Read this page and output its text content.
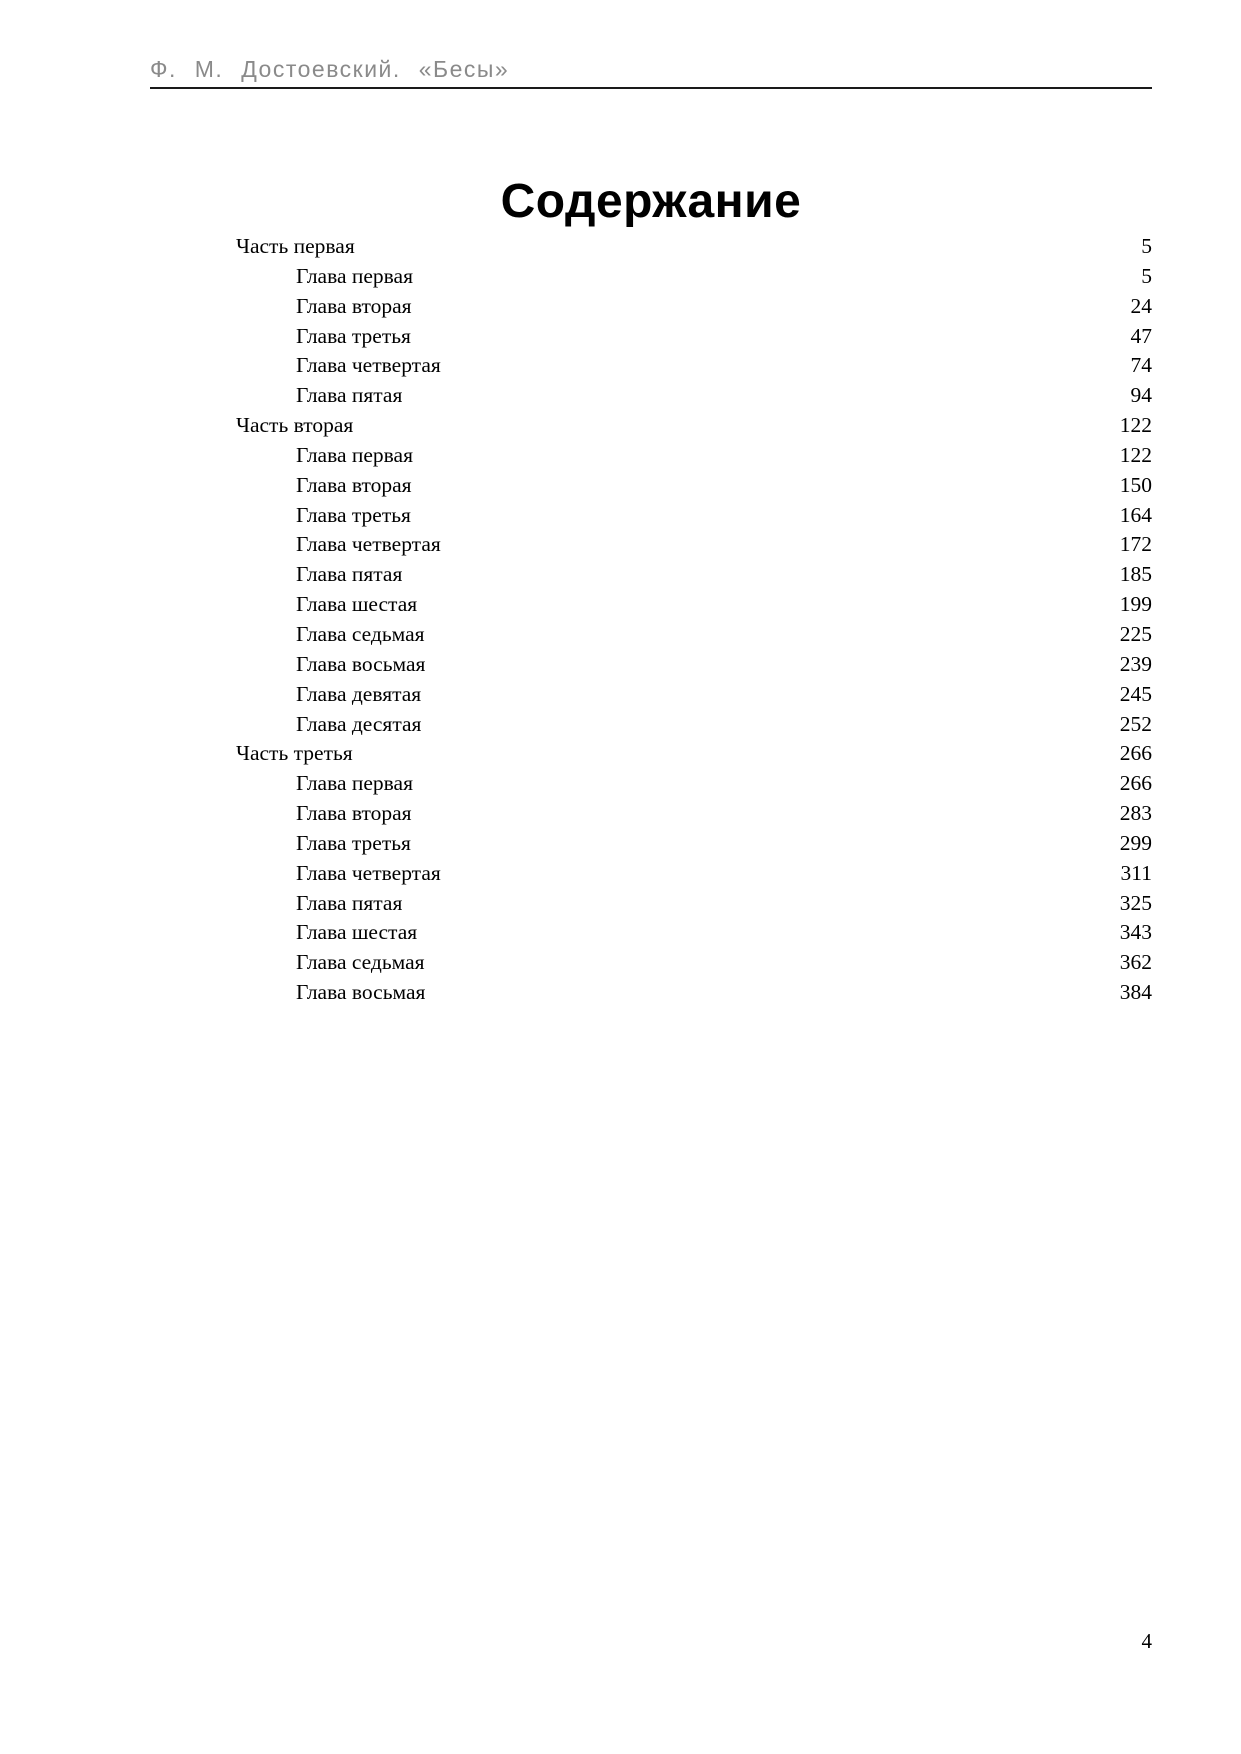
Ф. М. Достоевский. «Бесы»
Содержание
Часть первая	5
Глава первая	5
Глава вторая	24
Глава третья	47
Глава четвертая	74
Глава пятая	94
Часть вторая	122
Глава первая	122
Глава вторая	150
Глава третья	164
Глава четвертая	172
Глава пятая	185
Глава шестая	199
Глава седьмая	225
Глава восьмая	239
Глава девятая	245
Глава десятая	252
Часть третья	266
Глава первая	266
Глава вторая	283
Глава третья	299
Глава четвертая	311
Глава пятая	325
Глава шестая	343
Глава седьмая	362
Глава восьмая	384
4
